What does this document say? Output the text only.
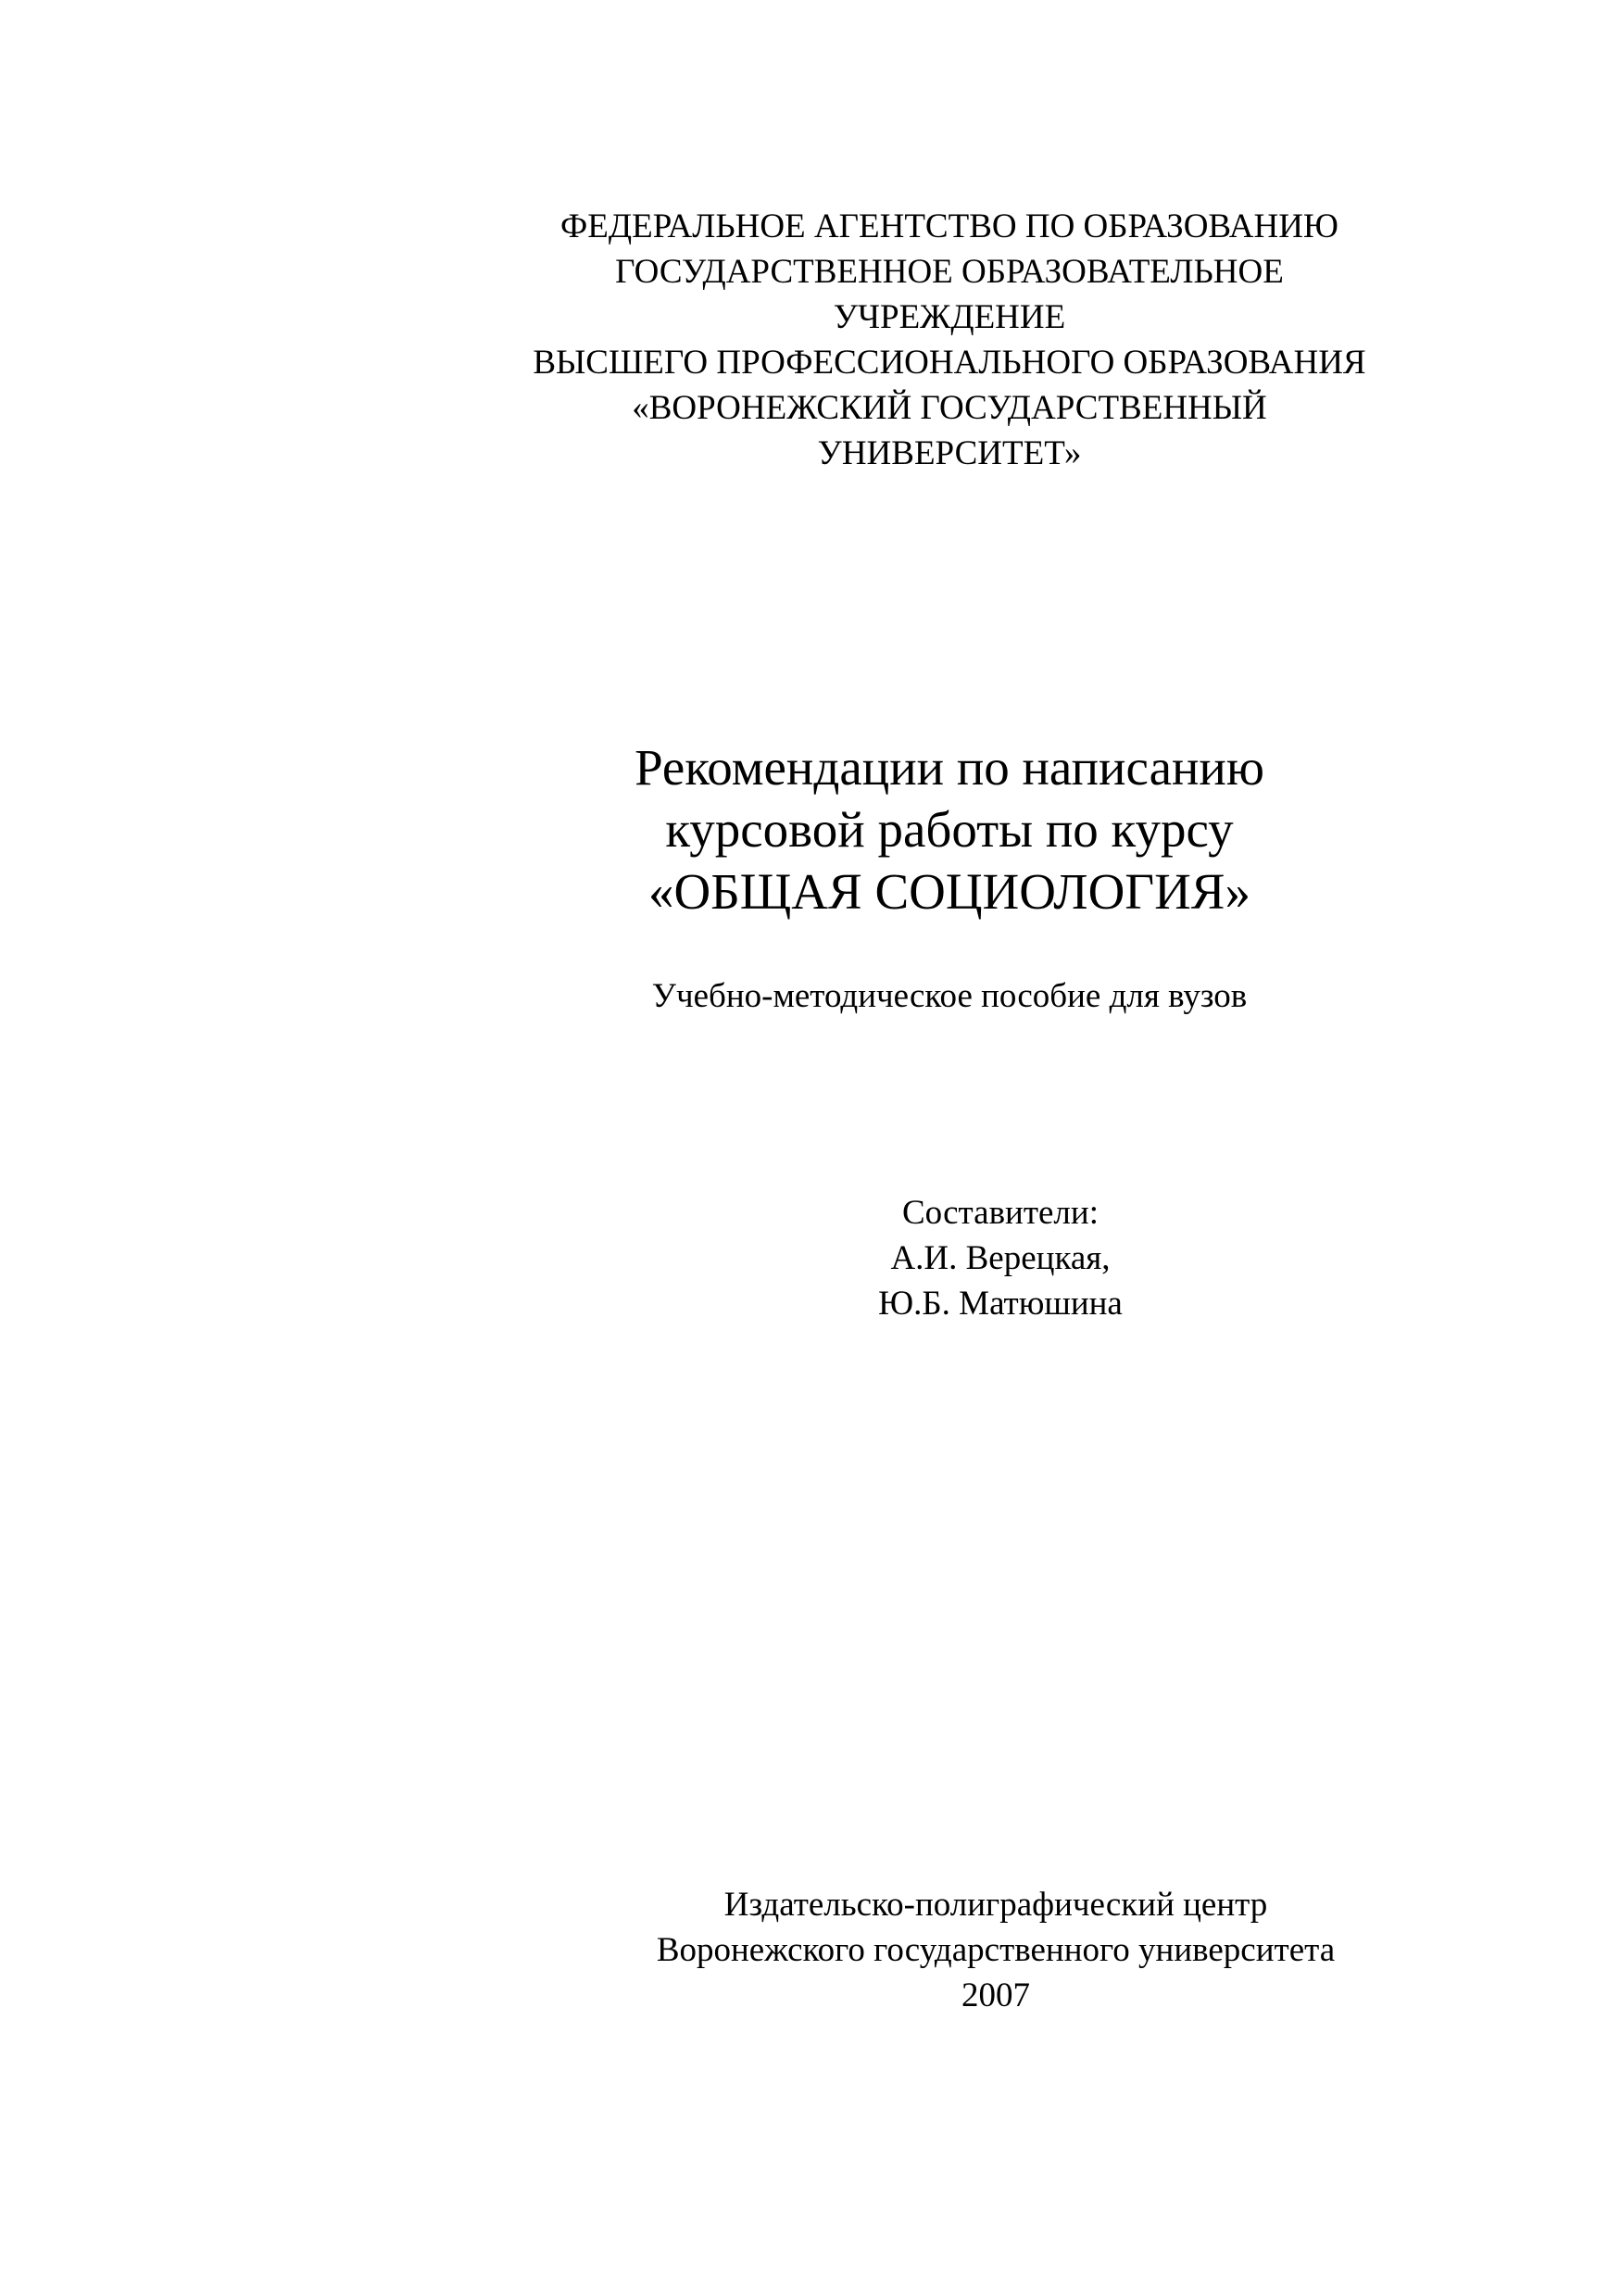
ФЕДЕРАЛЬНОЕ АГЕНТСТВО ПО ОБРАЗОВАНИЮ
ГОСУДАРСТВЕННОЕ ОБРАЗОВАТЕЛЬНОЕ
УЧРЕЖДЕНИЕ
ВЫСШЕГО ПРОФЕССИОНАЛЬНОГО ОБРАЗОВАНИЯ
«ВОРОНЕЖСКИЙ ГОСУДАРСТВЕННЫЙ
УНИВЕРСИТЕТ»
Рекомендации по написанию
курсовой работы по курсу
«ОБЩАЯ СОЦИОЛОГИЯ»
Учебно-методическое пособие для вузов
Составители:
А.И. Верецкая,
Ю.Б. Матюшина
Издательско-полиграфический центр
Воронежского государственного университета
2007
